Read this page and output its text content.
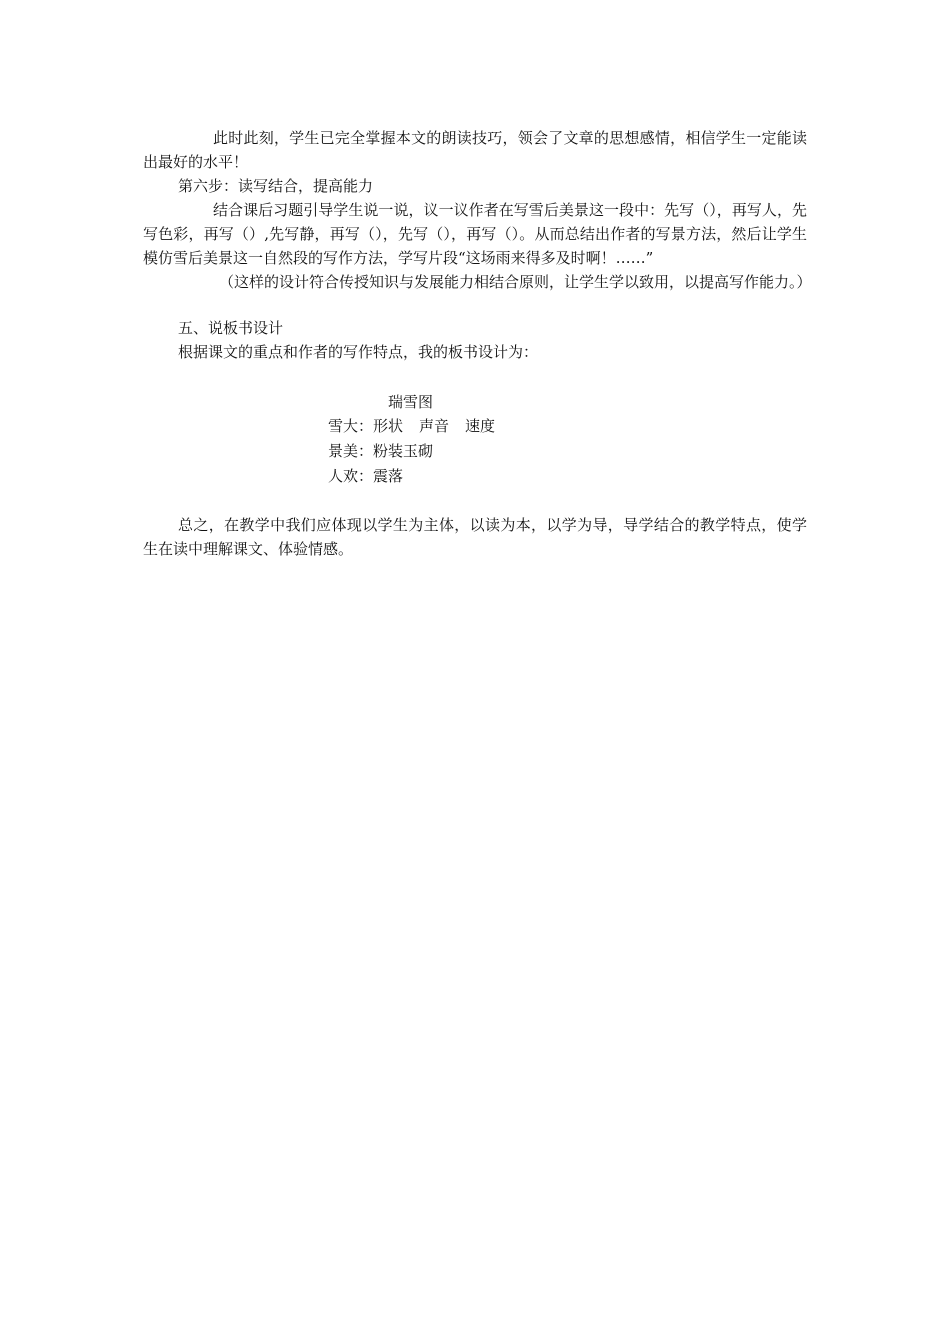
此时此刻，学生已完全掌握本文的朗读技巧，领会了文章的思想感情，相信学生一定能读出最好的水平！

第六步：读写结合，提高能力

结合课后习题引导学生说一说，议一议作者在写雪后美景这一段中：先写（），再写人，先写色彩，再写（）,先写静，再写（），先写（），再写（）。从而总结出作者的写景方法，然后让学生模仿雪后美景这一自然段的写作方法，学写片段“这场雨来得多及时啊！……”

（这样的设计符合传授知识与发展能力相结合原则，让学生学以致用，以提高写作能力。）

五、说板书设计

根据课文的重点和作者的写作特点，我的板书设计为：

瑞雪图
雪大：形状 声音 速度
景美：粉装玉砌
人欢：震落

总之，在教学中我们应体现以学生为主体，以读为本，以学为导，导学结合的教学特点，使学生在读中理解课文、体验情感。
